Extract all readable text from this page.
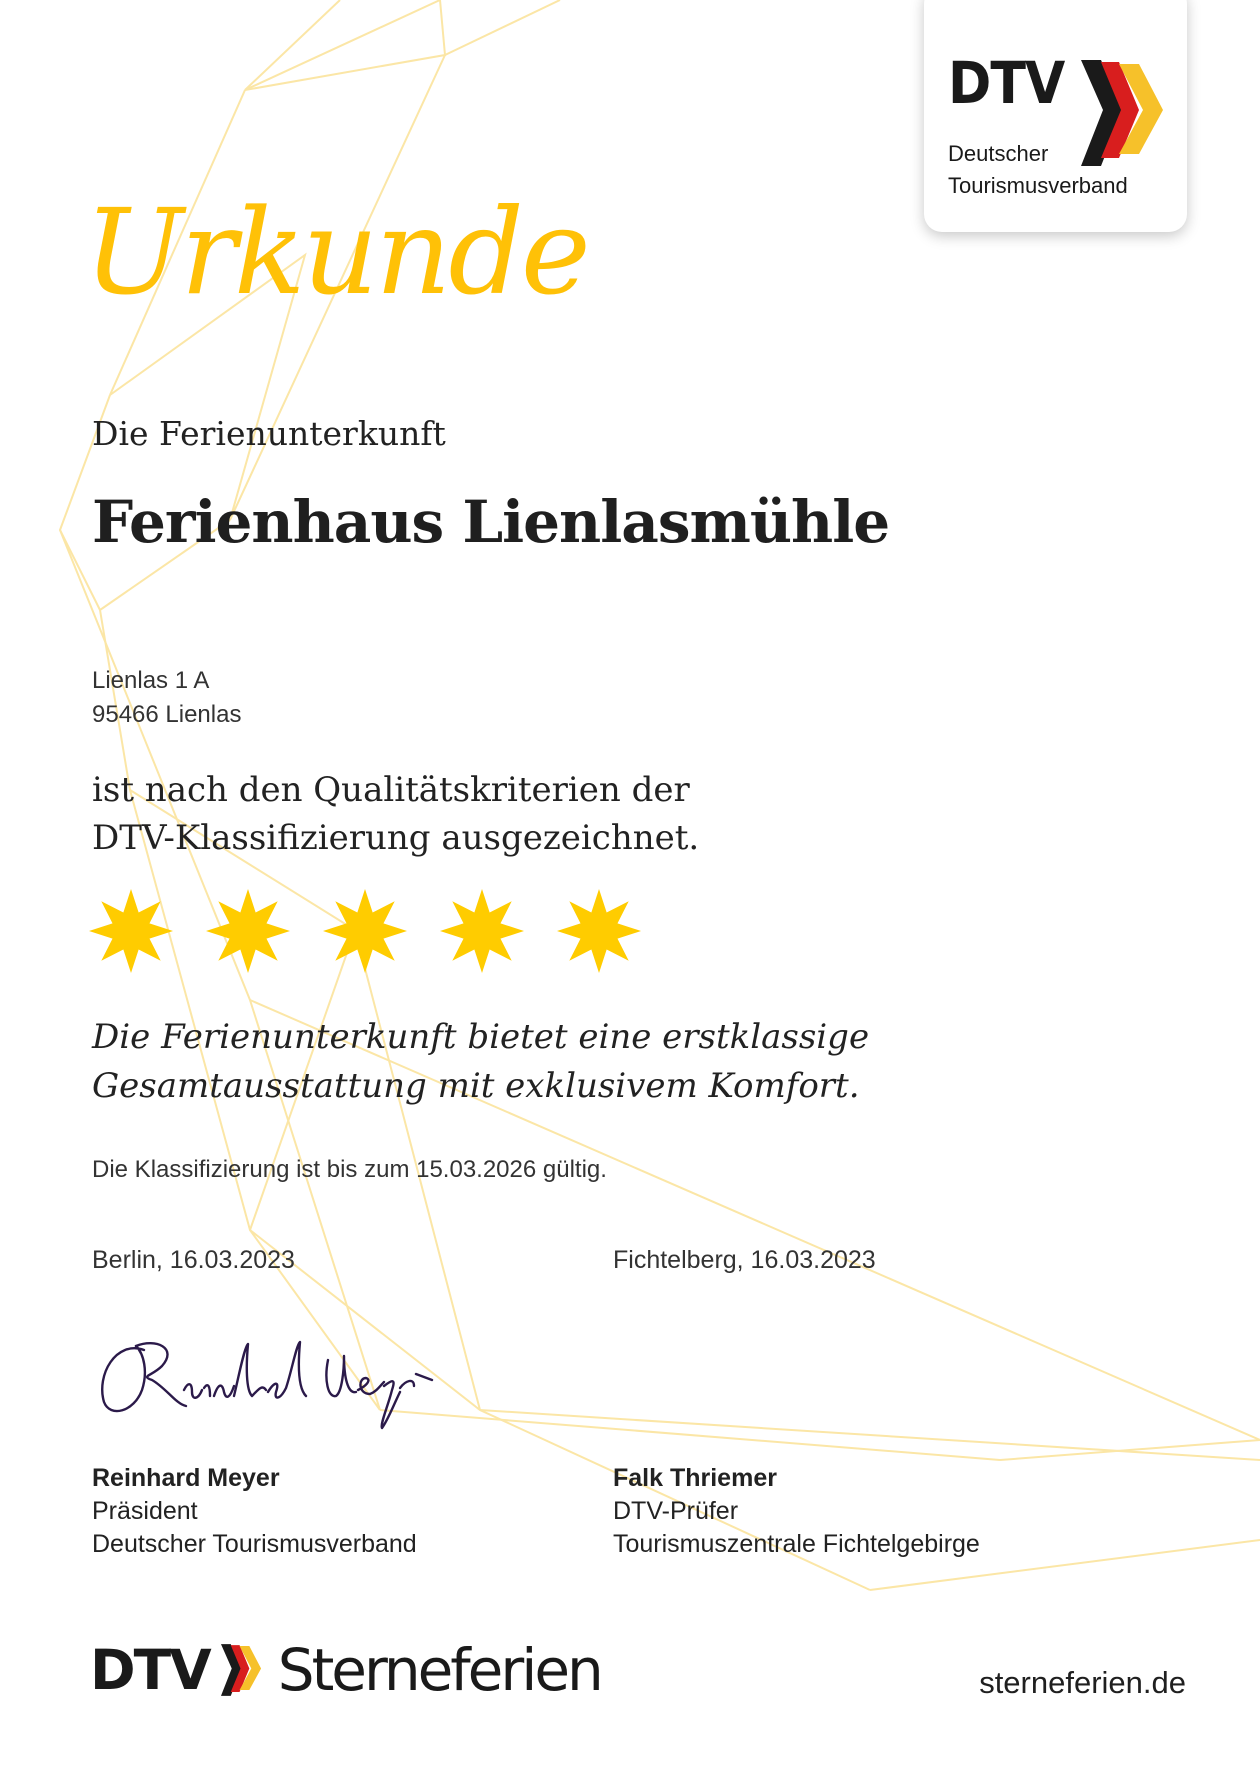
DTV

Deutscher
Tourismusverband

Urkunde

Die Ferienunterkunft

Ferienhaus Lienlasmühle

Lienlas 1 A
95466 Lienlas

ist nach den Qualitätskriterien der
DTV-Klassifizierung ausgezeichnet.

Die Ferienunterkunft bietet eine erstklassige
Gesamtausstattung mit exklusivem Komfort.

Die Klassifizierung ist bis zum 15.03.2026 gültig.

Berlin, 16.03.2023	Fichtelberg, 16.03.2023

Reinhard Meyer
Präsident
Deutscher Tourismusverband

Falk Thriemer
DTV-Prüfer
Tourismuszentrale Fichtelgebirge

DTV Sterneferien	sterneferien.de
